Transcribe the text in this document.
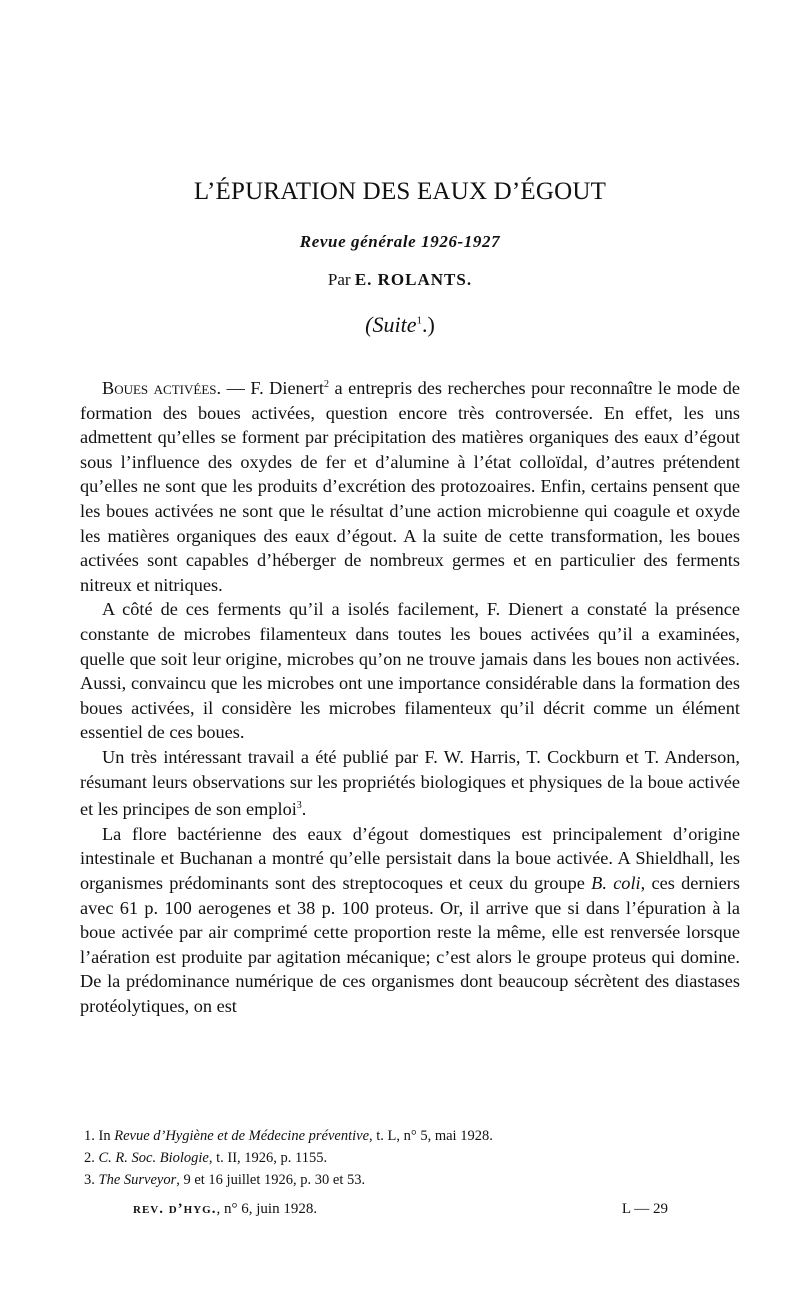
L’ÉPURATION DES EAUX D’ÉGOUT
Revue générale 1926-1927
Par E. ROLANTS.
(Suite$^1$.)

Boues activées. — F. Dienert$^2$ a entrepris des recherches pour reconnaître le mode de formation des boues activées, question encore très controversée. En effet, les uns admettent qu’elles se forment par précipitation des matières organiques des eaux d’égout sous l’influence des oxydes de fer et d’alumine à l’état colloïdal, d’autres prétendent qu’elles ne sont que les produits d’excrétion des protozoaires. Enfin, certains pensent que les boues activées ne sont que le résultat d’une action microbienne qui coagule et oxyde les matières organiques des eaux d’égout. A la suite de cette transformation, les boues activées sont capables d’héberger de nombreux germes et en particulier des ferments nitreux et nitriques.

A côté de ces ferments qu’il a isolés facilement, F. Dienert a constaté la présence constante de microbes filamenteux dans toutes les boues activées qu’il a examinées, quelle que soit leur origine, microbes qu’on ne trouve jamais dans les boues non activées. Aussi, convaincu que les microbes ont une importance considérable dans la formation des boues activées, il considère les microbes filamenteux qu’il décrit comme un élément essentiel de ces boues.

Un très intéressant travail a été publié par F. W. Harris, T. Cockburn et T. Anderson, résumant leurs observations sur les propriétés biologiques et physiques de la boue activée et les principes de son emploi$^3$.

La flore bactérienne des eaux d’égout domestiques est principalement d’origine intestinale et Buchanan a montré qu’elle persistait dans la boue activée. A Shieldhall, les organismes prédominants sont des streptocoques et ceux du groupe B. coli, ces derniers avec 61 p. 100 aerogenes et 38 p. 100 proteus. Or, il arrive que si dans l’épuration à la boue activée par air comprimé cette proportion reste la même, elle est renversée lorsque l’aération est produite par agitation mécanique; c’est alors le groupe proteus qui domine. De la prédominance numérique de ces organismes dont beaucoup sécrètent des diastases protéolytiques, on est

1. In Revue d’Hygiène et de Médecine préventive, t. L, n° 5, mai 1928.
2. C. R. Soc. Biologie, t. II, 1926, p. 1155.
3. The Surveyor, 9 et 16 juillet 1926, p. 30 et 53.
rev. d’hyg., n° 6, juin 1928.	L — 29
